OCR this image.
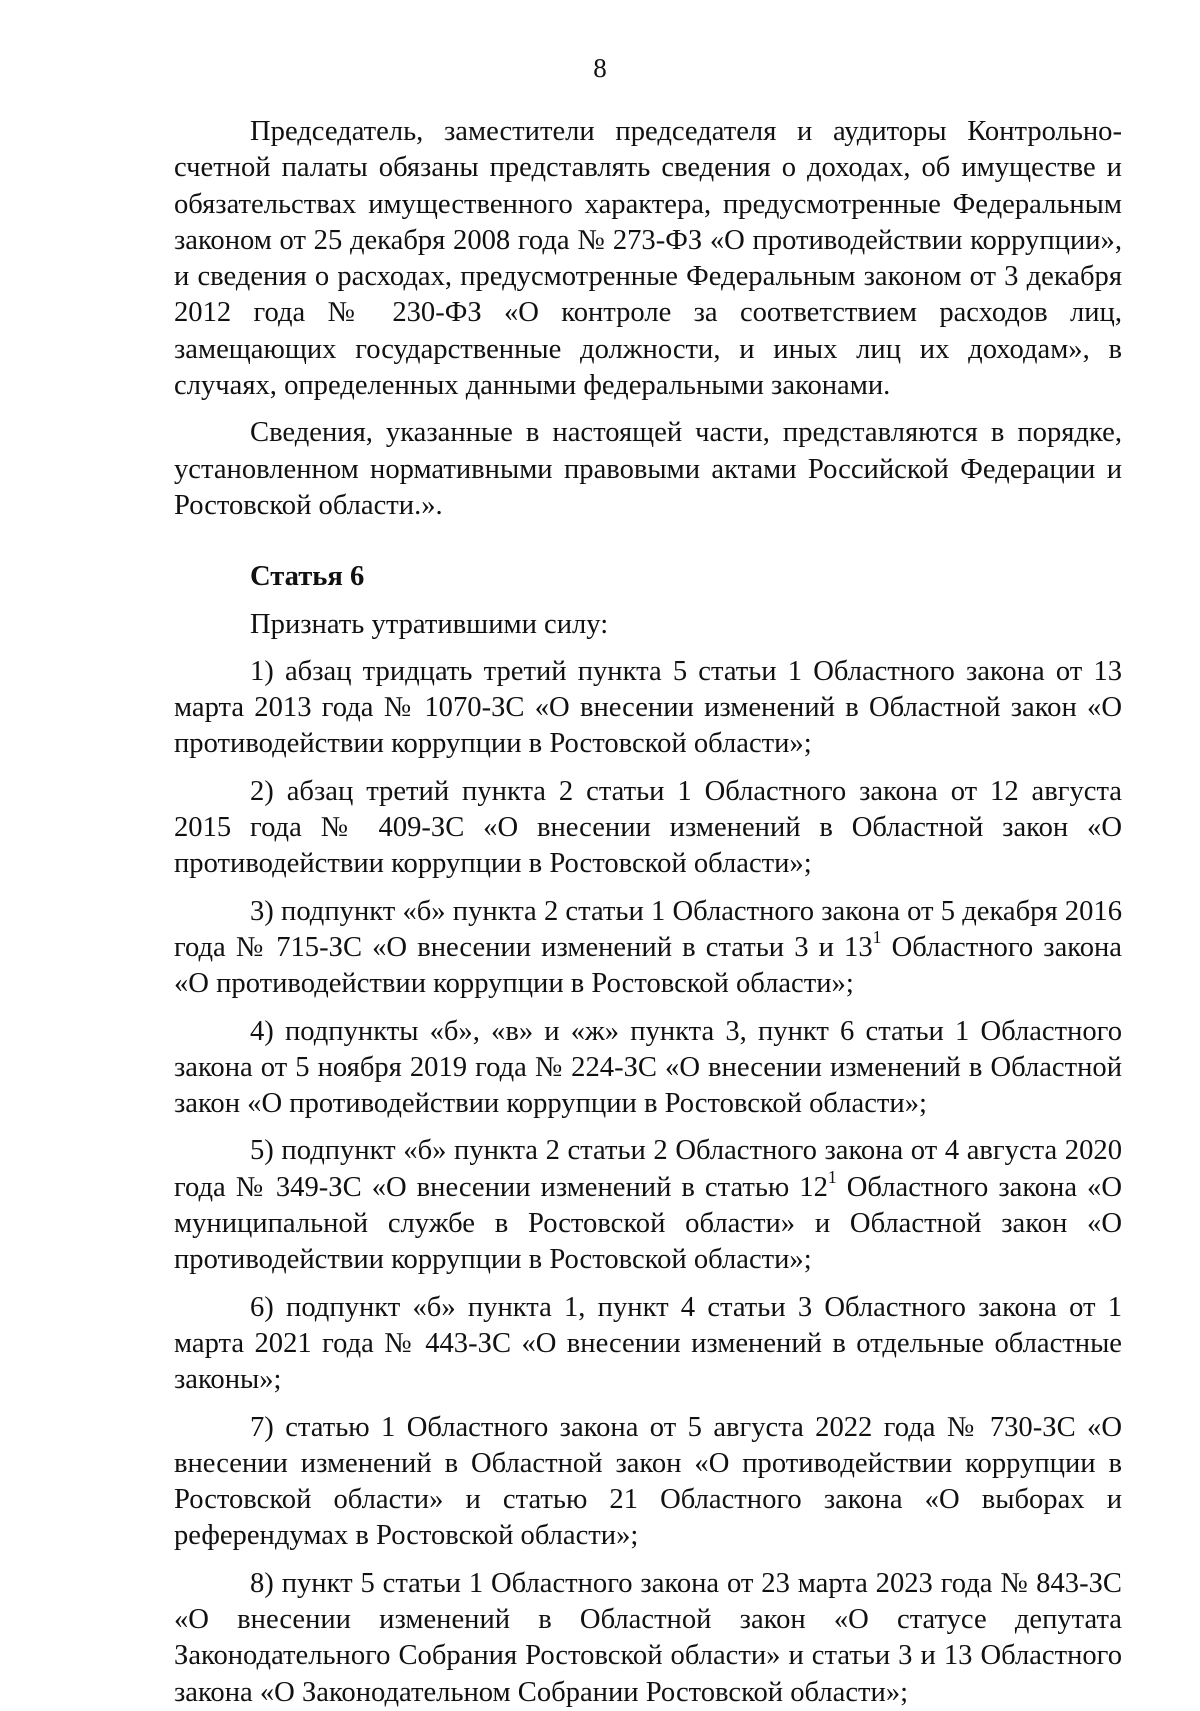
8

Председатель, заместители председателя и аудиторы Контрольно-счетной палаты обязаны представлять сведения о доходах, об имуществе и обязательствах имущественного характера, предусмотренные Федеральным законом от 25 декабря 2008 года № 273-ФЗ «О противодействии коррупции», и сведения о расходах, предусмотренные Федеральным законом от 3 декабря 2012 года № 230-ФЗ «О контроле за соответствием расходов лиц, замещающих государственные должности, и иных лиц их доходам», в случаях, определенных данными федеральными законами.

Сведения, указанные в настоящей части, представляются в порядке, установленном нормативными правовыми актами Российской Федерации и Ростовской области.».

Статья 6

Признать утратившими силу:

1) абзац тридцать третий пункта 5 статьи 1 Областного закона от 13 марта 2013 года № 1070-ЗС «О внесении изменений в Областной закон «О противодействии коррупции в Ростовской области»;

2) абзац третий пункта 2 статьи 1 Областного закона от 12 августа 2015 года № 409-ЗС «О внесении изменений в Областной закон «О противодействии коррупции в Ростовской области»;

3) подпункт «б» пункта 2 статьи 1 Областного закона от 5 декабря 2016 года № 715-ЗС «О внесении изменений в статьи 3 и $13^1$ Областного закона «О противодействии коррупции в Ростовской области»;

4) подпункты «б», «в» и «ж» пункта 3, пункт 6 статьи 1 Областного закона от 5 ноября 2019 года № 224-ЗС «О внесении изменений в Областной закон «О противодействии коррупции в Ростовской области»;

5) подпункт «б» пункта 2 статьи 2 Областного закона от 4 августа 2020 года № 349-ЗС «О внесении изменений в статью $12^1$ Областного закона «О муниципальной службе в Ростовской области» и Областной закон «О противодействии коррупции в Ростовской области»;

6) подпункт «б» пункта 1, пункт 4 статьи 3 Областного закона от 1 марта 2021 года № 443-ЗС «О внесении изменений в отдельные областные законы»;

7) статью 1 Областного закона от 5 августа 2022 года № 730-ЗС «О внесении изменений в Областной закон «О противодействии коррупции в Ростовской области» и статью 21 Областного закона «О выборах и референдумах в Ростовской области»;

8) пункт 5 статьи 1 Областного закона от 23 марта 2023 года № 843-ЗС «О внесении изменений в Областной закон «О статусе депутата Законодательного Собрания Ростовской области» и статьи 3 и 13 Областного закона «О Законодательном Собрании Ростовской области»;
